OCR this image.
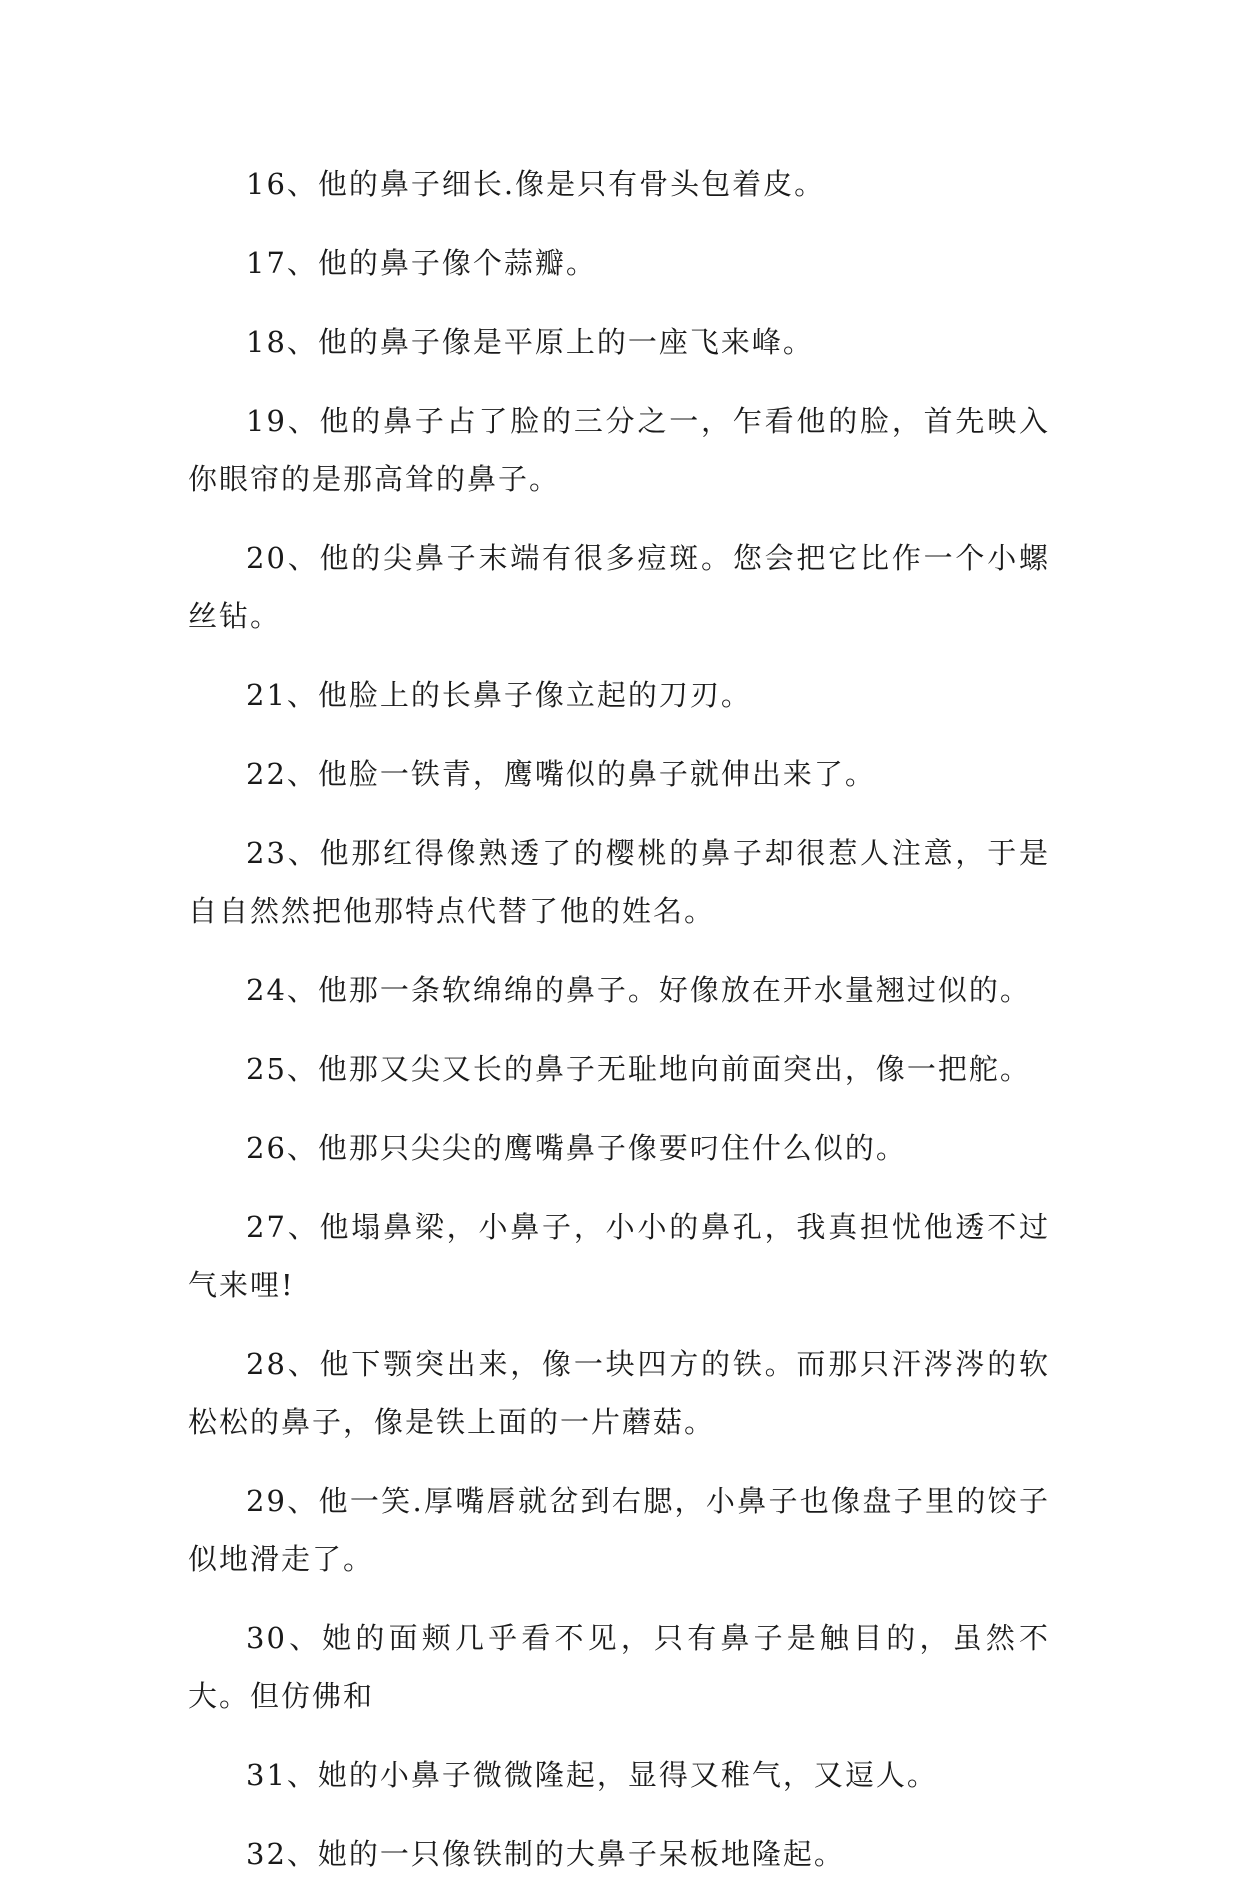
16、他的鼻子细长.像是只有骨头包着皮。

17、他的鼻子像个蒜瓣。

18、他的鼻子像是平原上的一座飞来峰。

19、他的鼻子占了脸的三分之一，乍看他的脸，首先映入你眼帘的是那高耸的鼻子。

20、他的尖鼻子末端有很多痘斑。您会把它比作一个小螺丝钻。

21、他脸上的长鼻子像立起的刀刃。

22、他脸一铁青，鹰嘴似的鼻子就伸出来了。

23、他那红得像熟透了的樱桃的鼻子却很惹人注意，于是自自然然把他那特点代替了他的姓名。

24、他那一条软绵绵的鼻子。好像放在开水量翘过似的。

25、他那又尖又长的鼻子无耻地向前面突出，像一把舵。

26、他那只尖尖的鹰嘴鼻子像要叼住什么似的。

27、他塌鼻梁，小鼻子，小小的鼻孔，我真担忧他透不过气来哩!

28、他下颚突出来，像一块四方的铁。而那只汗涔涔的软松松的鼻子，像是铁上面的一片蘑菇。

29、他一笑.厚嘴唇就岔到右腮，小鼻子也像盘子里的饺子似地滑走了。

30、她的面颊几乎看不见，只有鼻子是触目的，虽然不大。但仿佛和

31、她的小鼻子微微隆起，显得又稚气，又逗人。

32、她的一只像铁制的大鼻子呆板地隆起。
